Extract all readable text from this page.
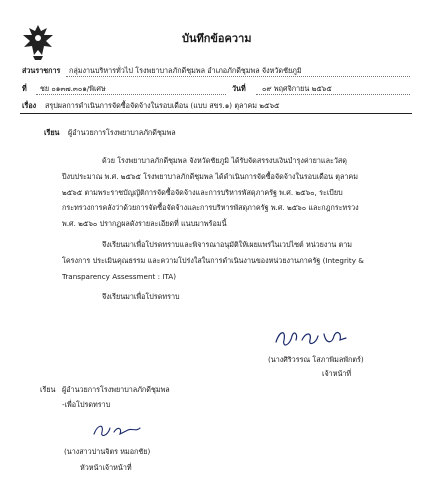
บันทึกข้อความ
ส่วนราชการ กลุ่มงานบริหารทั่วไป โรงพยาบาลภักดีชุมพล อำเภอภักดีชุมพล จังหวัดชัยภูมิ
ที่ ชย ๐๑๓๗.๓๐๑/พิเศษ	วันที่ ๐๙ พฤศจิกายน ๒๕๖๕
เรื่อง สรุปผลการดำเนินการจัดซื้อจัดจ้างในรอบเดือน (แบบ สขร.๑) ตุลาคม ๒๕๖๕
เรียน ผู้อำนวยการโรงพยาบาลภักดีชุมพล
ด้วย โรงพยาบาลภักดีชุมพล จังหวัดชัยภูมิ ได้รับจัดสรรงบเงินบำรุงค่ายาและวัสดุ
ปีงบประมาณ พ.ศ. ๒๕๖๕ โรงพยาบาลภักดีชุมพล ได้ดำเนินการจัดซื้อจัดจ้างในรอบเดือน ตุลาคม
๒๕๖๕ ตามพระราชบัญญัติการจัดซื้อจัดจ้างและการบริหารพัสดุภาครัฐ พ.ศ. ๒๕๖๐, ระเบียบ
กระทรวงการคลังว่าด้วยการจัดซื้อจัดจ้างและการบริหารพัสดุภาครัฐ พ.ศ. ๒๕๖๐ และกฎกระทรวง
พ.ศ. ๒๕๖๐ ปรากฏผลดังรายละเอียดที่ แนบมาพร้อมนี้
จึงเรียนมาเพื่อโปรดทราบและพิจารณาอนุมัติให้เผยแพร่ในเวปไซต์ หน่วยงาน ตาม
โครงการ ประเมินคุณธรรม และความโปร่งใสในการดำเนินงานของหน่วยงานภาครัฐ (Integrity &
Transparency Assessment : ITA)
จึงเรียนมาเพื่อโปรดทราบ
(นางศิริวรรณ โสภาพิมลพักตร์)
เจ้าหน้าที่
เรียน ผู้อำนวยการโรงพยาบาลภักดีชุมพล
-เพื่อโปรดทราบ
(นางสาวปานจิตร หมอกชัย)
หัวหน้าเจ้าหน้าที่
